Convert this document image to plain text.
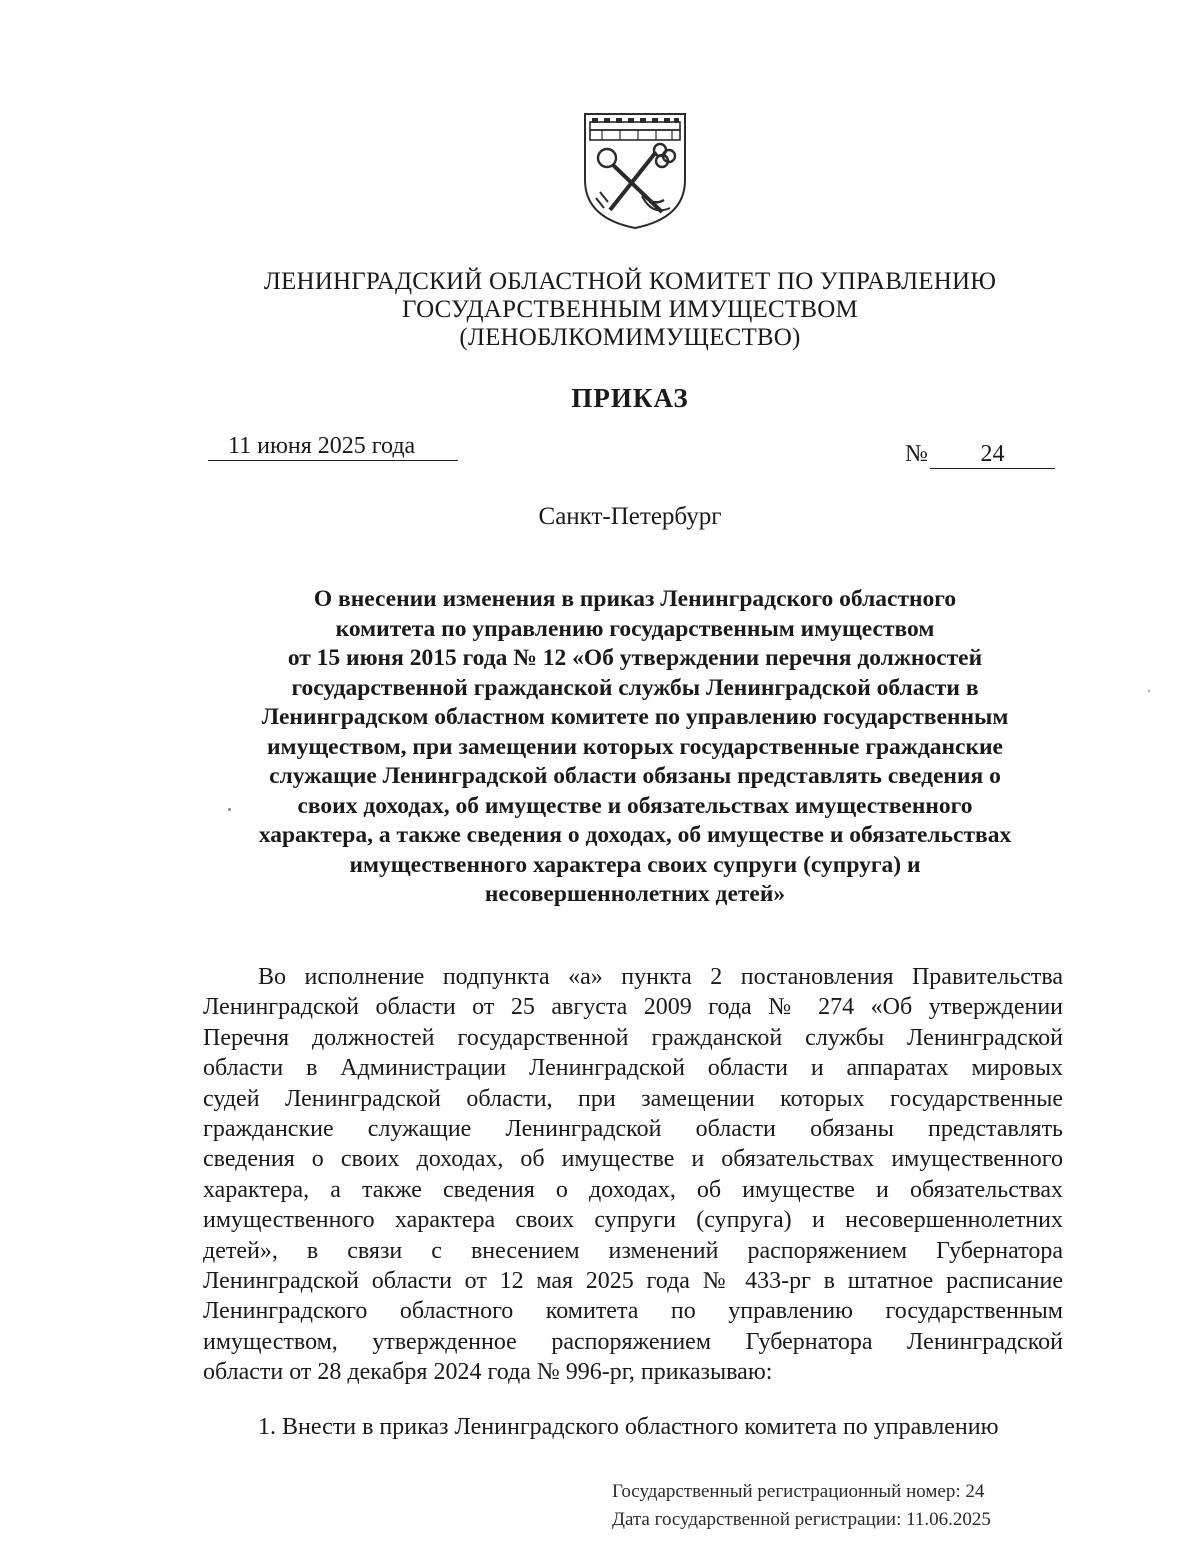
ЛЕНИНГРАДСКИЙ ОБЛАСТНОЙ КОМИТЕТ ПО УПРАВЛЕНИЮ
ГОСУДАРСТВЕННЫМ ИМУЩЕСТВОМ
(ЛЕНОБЛКОМИМУЩЕСТВО)
ПРИКАЗ
11 июня 2025 года	№	24
Санкт-Петербург
О внесении изменения в приказ Ленинградского областного
комитета по управлению государственным имуществом
от 15 июня 2015 года № 12 «Об утверждении перечня должностей
государственной гражданской службы Ленинградской области в
Ленинградском областном комитете по управлению государственным
имуществом, при замещении которых государственные гражданские
служащие Ленинградской области обязаны представлять сведения о
своих доходах, об имуществе и обязательствах имущественного
характера, а также сведения о доходах, об имуществе и обязательствах
имущественного характера своих супруги (супруга) и
несовершеннолетних детей»
Во исполнение подпункта «а» пункта 2 постановления Правительства
Ленинградской области от 25 августа 2009 года № 274 «Об утверждении
Перечня должностей государственной гражданской службы Ленинградской
области в Администрации Ленинградской области и аппаратах мировых
судей Ленинградской области, при замещении которых государственные
гражданские служащие Ленинградской области обязаны представлять
сведения о своих доходах, об имуществе и обязательствах имущественного
характера, а также сведения о доходах, об имуществе и обязательствах
имущественного характера своих супруги (супруга) и несовершеннолетних
детей», в связи с внесением изменений распоряжением Губернатора
Ленинградской области от 12 мая 2025 года № 433-рг в штатное расписание
Ленинградского областного комитета по управлению государственным
имуществом, утвержденное распоряжением Губернатора Ленинградской
области от 28 декабря 2024 года № 996-рг, приказываю:
1. Внести в приказ Ленинградского областного комитета по управлению
Государственный регистрационный номер: 24
Дата государственной регистрации: 11.06.2025
